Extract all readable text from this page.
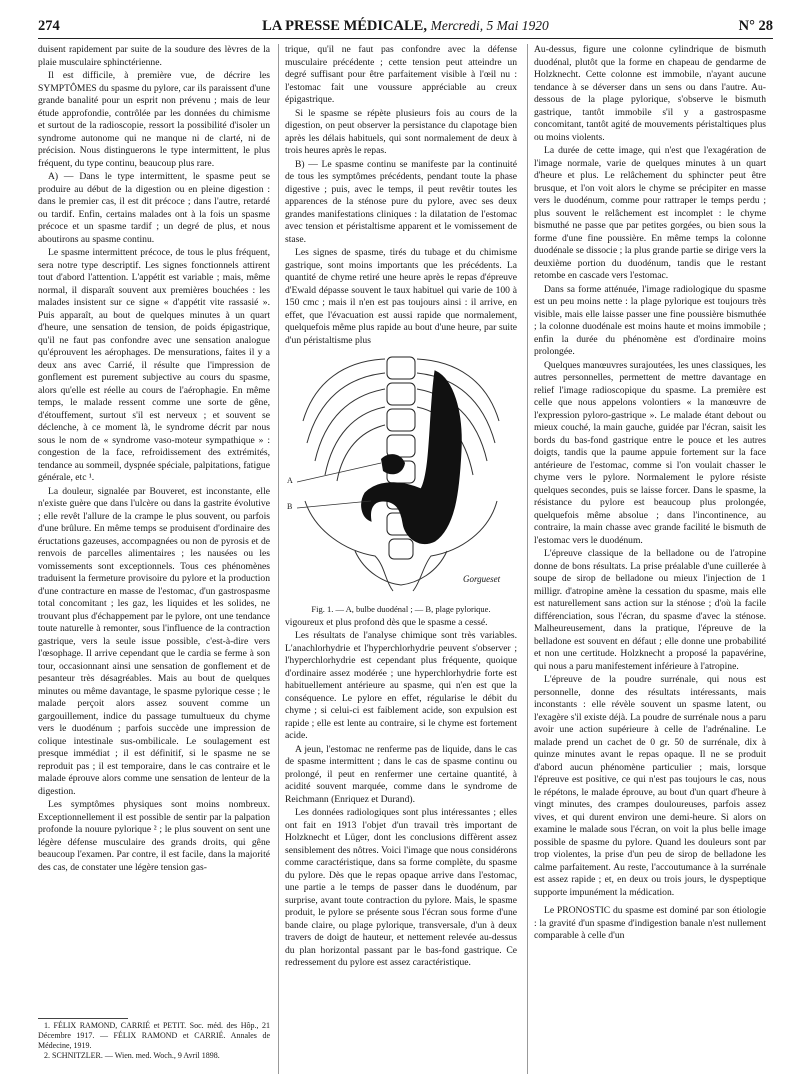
274	LA PRESSE MÉDICALE, Mercredi, 5 Mai 1920	N° 28

duisent rapidement par suite de la soudure des lèvres de la plaie musculaire sphinctérienne.

Il est difficile, à première vue, de décrire les SYMPTÔMES du spasme du pylore, car ils paraissent d'une grande banalité pour un esprit non prévenu ; mais de leur étude approfondie, contrôlée par les données du chimisme et surtout de la radioscopie, ressort la possibilité d'isoler un syndrome autonome qui ne manque ni de clarté, ni de précision. Nous distinguerons le type intermittent, le plus fréquent, du type continu, beaucoup plus rare.

A) — Dans le type intermittent, le spasme peut se produire au début de la digestion ou en pleine digestion : dans le premier cas, il est dit précoce ; dans l'autre, retardé ou tardif. Enfin, certains malades ont à la fois un spasme précoce et un spasme tardif ; un degré de plus, et nous aboutirons au spasme continu.

Le spasme intermittent précoce, de tous le plus fréquent, sera notre type descriptif. Les signes fonctionnels attirent tout d'abord l'attention. L'appétit est variable ; mais, même normal, il disparaît souvent aux premières bouchées : les malades insistent sur ce signe « d'appétit vite rassasié ». Puis apparaît, au bout de quelques minutes à un quart d'heure, une sensation de tension, de poids épigastrique, qu'il ne faut pas confondre avec une sensation analogue qu'éprouvent les aérophages. De mensurations, faites il y a deux ans avec Carrié, il résulte que l'impression de gonflement est purement subjective au cours du spasme, alors qu'elle est réelle au cours de l'aérophagie. En même temps, le malade ressent comme une sorte de gêne, d'étouffement, surtout s'il est nerveux ; et souvent se déclenche, à ce moment là, le syndrome décrit par nous sous le nom de « syndrome vaso-moteur sympathique » : congestion de la face, refroidissement des extrémités, tendance au sommeil, dyspnée spéciale, palpitations, fatigue générale, etc ¹.

La douleur, signalée par Bouveret, est inconstante, elle n'existe guère que dans l'ulcère ou dans la gastrite évolutive ; elle revêt l'allure de la crampe le plus souvent, ou parfois d'une brûlure. En même temps se produisent d'ordinaire des éructations gazeuses, accompagnées ou non de pyrosis et de renvois de parcelles alimentaires ; les nausées ou les vomissements sont exceptionnels. Tous ces phénomènes traduisent la fermeture provisoire du pylore et la production d'une contracture en masse de l'estomac, d'un gastrospasme total concomitant ; les gaz, les liquides et les solides, ne trouvant plus d'échappement par le pylore, ont une tendance toute naturelle à remonter, sous l'influence de la contraction gastrique, vers la seule issue possible, c'est-à-dire vers l'œsophage. Il arrive cependant que le cardia se ferme à son tour, occasionnant ainsi une sensation de gonflement et de pesanteur très désagréables. Mais au bout de quelques minutes ou même davantage, le spasme pylorique cesse ; le malade perçoit alors assez souvent comme un gargouillement, indice du passage tumultueux du chyme vers le duodénum ; parfois succède une impression de colique intestinale sus-ombilicale. Le soulagement est presque immédiat ; il est définitif, si le spasme ne se reproduit pas ; il est temporaire, dans le cas contraire et le malade éprouve alors comme une sensation de lenteur de la digestion.

Les symptômes physiques sont moins nombreux. Exceptionnellement il est possible de sentir par la palpation profonde la nouure pylorique ² ; le plus souvent on sent une légère défense musculaire des grands droits, qui gêne beaucoup l'examen. Par contre, il est facile, dans la majorité des cas, de constater une légère tension gas-

1. FÉLIX RAMOND, CARRIÉ et PETIT. Soc. méd. des Hôp., 21 Décembre 1917. — FÉLIX RAMOND et CARRIÉ. Annales de Médecine, 1919.

2. SCHNITZLER. — Wien. med. Woch., 9 Avril 1898.

trique, qu'il ne faut pas confondre avec la défense musculaire précédente ; cette tension peut atteindre un degré suffisant pour être parfaitement visible à l'œil nu : l'estomac fait une voussure appréciable au creux épigastrique.

Si le spasme se répète plusieurs fois au cours de la digestion, on peut observer la persistance du clapotage bien après les délais habituels, qui sont normalement de deux à trois heures après le repas.

B) — Le spasme continu se manifeste par la continuité de tous les symptômes précédents, pendant toute la phase digestive ; puis, avec le temps, il peut revêtir toutes les apparences de la sténose pure du pylore, avec ses deux grandes manifestations cliniques : la dilatation de l'estomac avec tension et péristaltisme apparent et le vomissement de stase.

Les signes de spasme, tirés du tubage et du chimisme gastrique, sont moins importants que les précédents. La quantité de chyme retiré une heure après le repas d'épreuve d'Ewald dépasse souvent le taux habituel qui varie de 100 à 150 cmc ; mais il n'en est pas toujours ainsi : il arrive, en effet, que l'évacuation est aussi rapide que normalement, quelquefois même plus rapide au bout d'une heure, par suite d'un péristaltisme plus

A
B
Gorgueset

Fig. 1. — A, bulbe duodénal ; — B, plage pylorique.

vigoureux et plus profond dès que le spasme a cessé.

Les résultats de l'analyse chimique sont très variables. L'anachlorhydrie et l'hyperchlorhydrie peuvent s'observer ; l'hyperchlorhydrie est cependant plus fréquente, quoique d'ordinaire assez modérée ; une hyperchlorhydrie forte est habituellement antérieure au spasme, qui n'en est que la conséquence. Le pylore en effet, régularise le débit du chyme ; si celui-ci est faiblement acide, son expulsion est rapide ; elle est lente au contraire, si le chyme est fortement acide.

A jeun, l'estomac ne renferme pas de liquide, dans le cas de spasme intermittent ; dans le cas de spasme continu ou prolongé, il peut en renfermer une certaine quantité, à acidité souvent marquée, comme dans le syndrome de Reichmann (Enriquez et Durand).

Les données radiologiques sont plus intéressantes ; elles ont fait en 1913 l'objet d'un travail très important de Holzknecht et Lüger, dont les conclusions diffèrent assez sensiblement des nôtres. Voici l'image que nous considérons comme caractéristique, dans sa forme complète, du spasme du pylore. Dès que le repas opaque arrive dans l'estomac, une partie a le temps de passer dans le duodénum, par surprise, avant toute contraction du pylore. Mais, le spasme produit, le pylore se présente sous l'écran sous forme d'une bande claire, ou plage pylorique, transversale, d'un à deux travers de doigt de hauteur, et nettement relevée au-dessus du plan horizontal passant par le bas-fond gastrique. Ce redressement du pylore est assez caractéristique.

Au-dessus, figure une colonne cylindrique de bismuth duodénal, plutôt que la forme en chapeau de gendarme de Holzknecht. Cette colonne est immobile, n'ayant aucune tendance à se déverser dans un sens ou dans l'autre. Au-dessous de la plage pylorique, s'observe le bismuth gastrique, tantôt immobile s'il y a gastrospasme concomitant, tantôt agité de mouvements péristaltiques plus ou moins violents.

La durée de cette image, qui n'est que l'exagération de l'image normale, varie de quelques minutes à un quart d'heure et plus. Le relâchement du sphincter peut être brusque, et l'on voit alors le chyme se précipiter en masse vers le duodénum, comme pour rattraper le temps perdu ; plus souvent le relâchement est incomplet : le chyme bismuthé ne passe que par petites gorgées, ou bien sous la forme d'une fine poussière. En même temps la colonne duodénale se dissocie ; la plus grande partie se dirige vers la deuxième portion du duodénum, tandis que le restant retombe en cascade vers l'estomac.

Dans sa forme atténuée, l'image radiologique du spasme est un peu moins nette : la plage pylorique est toujours très visible, mais elle laisse passer une fine poussière bismuthée ; la colonne duodénale est moins haute et moins immobile ; enfin la durée du phénomène est d'ordinaire moins prolongée.

Quelques manœuvres surajoutées, les unes classiques, les autres personnelles, permettent de mettre davantage en relief l'image radioscopique du spasme. La première est celle que nous appelons volontiers « la manœuvre de l'expression pyloro-gastrique ». Le malade étant debout ou mieux couché, la main gauche, guidée par l'écran, saisit les bords du bas-fond gastrique entre le pouce et les autres doigts, tandis que la paume appuie fortement sur la face antérieure de l'estomac, comme si l'on voulait chasser le chyme vers le pylore. Normalement le pylore résiste quelques secondes, puis se laisse forcer. Dans le spasme, la résistance du pylore est beaucoup plus prolongée, quelquefois même absolue ; dans l'incontinence, au contraire, la main chasse avec grande facilité le bismuth de l'estomac vers le duodénum.

L'épreuve classique de la belladone ou de l'atropine donne de bons résultats. La prise préalable d'une cuillerée à soupe de sirop de belladone ou mieux l'injection de 1 milligr. d'atropine amène la cessation du spasme, mais elle est naturellement sans action sur la sténose ; d'où la facile différenciation, sous l'écran, du spasme d'avec la sténose. Malheureusement, dans la pratique, l'épreuve de la belladone est souvent en défaut ; elle donne une probabilité et non une certitude. Holzknecht a proposé la papavérine, qui nous a paru manifestement inférieure à l'atropine.

L'épreuve de la poudre surrénale, qui nous est personnelle, donne des résultats intéressants, mais inconstants : elle révèle souvent un spasme latent, ou l'exagère s'il existe déjà. La poudre de surrénale nous a paru avoir une action supérieure à celle de l'adrénaline. Le malade prend un cachet de 0 gr. 50 de surrénale, dix à quinze minutes avant le repas opaque. Il ne se produit d'abord aucun phénomène particulier ; mais, lorsque l'épreuve est positive, ce qui n'est pas toujours le cas, nous le répétons, le malade éprouve, au bout d'un quart d'heure à vingt minutes, des crampes douloureuses, parfois assez vives, et qui durent environ une demi-heure. Si alors on examine le malade sous l'écran, on voit la plus belle image possible de spasme du pylore. Quand les douleurs sont par trop violentes, la prise d'un peu de sirop de belladone les calme parfaitement. Au reste, l'accoutumance à la surrénale est assez rapide ; et, en deux ou trois jours, le dyspeptique supporte impunément la médication.

Le PRONOSTIC du spasme est dominé par son étiologie : la gravité d'un spasme d'indigestion banale n'est nullement comparable à celle d'un
